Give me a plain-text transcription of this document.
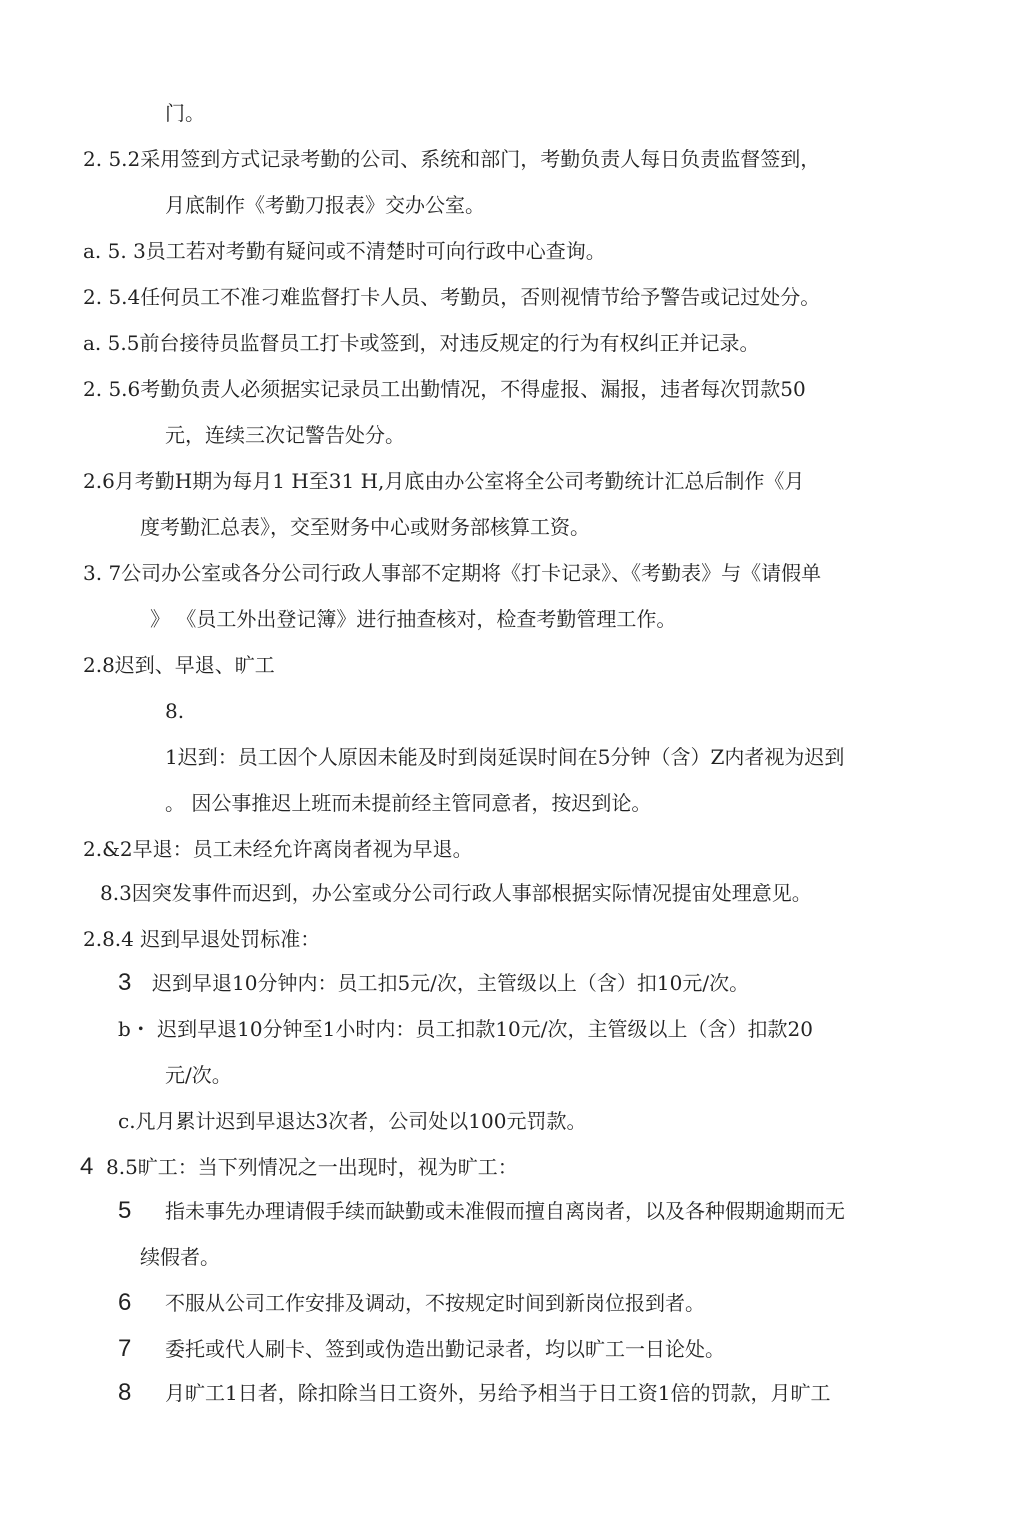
门。
2. 5.2采用签到方式记录考勤的公司、系统和部门，考勤负责人每日负责监督签到，
月底制作《考勤刀报表》交办公室。
a. 5. 3员工若对考勤有疑问或不清楚时可向行政中心查询。
2. 5.4任何员工不准刁难监督打卡人员、考勤员，否则视情节给予警告或记过处分。
a. 5.5前台接待员监督员工打卡或签到，对违反规定的行为有权纠正并记录。
2. 5.6考勤负责人必须据实记录员工出勤情况，不得虚报、漏报，违者每次罚款50
元，连续三次记警告处分。
2.6月考勤H期为每月1 H至31 H,月底由办公室将全公司考勤统计汇总后制作《月
度考勤汇总表》，交至财务中心或财务部核算工资。
3. 7公司办公室或各分公司行政人事部不定期将《打卡记录》、《考勤表》与《请假单
》 《员工外出登记簿》进行抽查核对，检查考勤管理工作。
2.8迟到、早退、旷工
8.
1迟到：员工因个人原因未能及时到岗延误时间在5分钟（含）Z内者视为迟到
。 因公事推迟上班而未提前经主管同意者，按迟到论。
2.&2早退：员工未经允许离岗者视为早退。
8.3因突发事件而迟到，办公室或分公司行政人事部根据实际情况提宙处理意见。
2.8.4 迟到早退处罚标准：
3 迟到早退10分钟内：员工扣5元/次，主管级以上（含）扣10元/次。
b・ 迟到早退10分钟至1小时内：员工扣款10元/次，主管级以上（含）扣款20
元/次。
c.凡月累计迟到早退达3次者，公司处以100元罚款。
4 8.5旷工：当下列情况之一出现时，视为旷工：
5 指未事先办理请假手续而缺勤或未准假而擅自离岗者，以及各种假期逾期而无
续假者。
6 不服从公司工作安排及调动，不按规定时间到新岗位报到者。
7 委托或代人刷卡、签到或伪造出勤记录者，均以旷工一日论处。
8 月旷工1日者，除扣除当日工资外，另给予相当于日工资1倍的罚款，月旷工
